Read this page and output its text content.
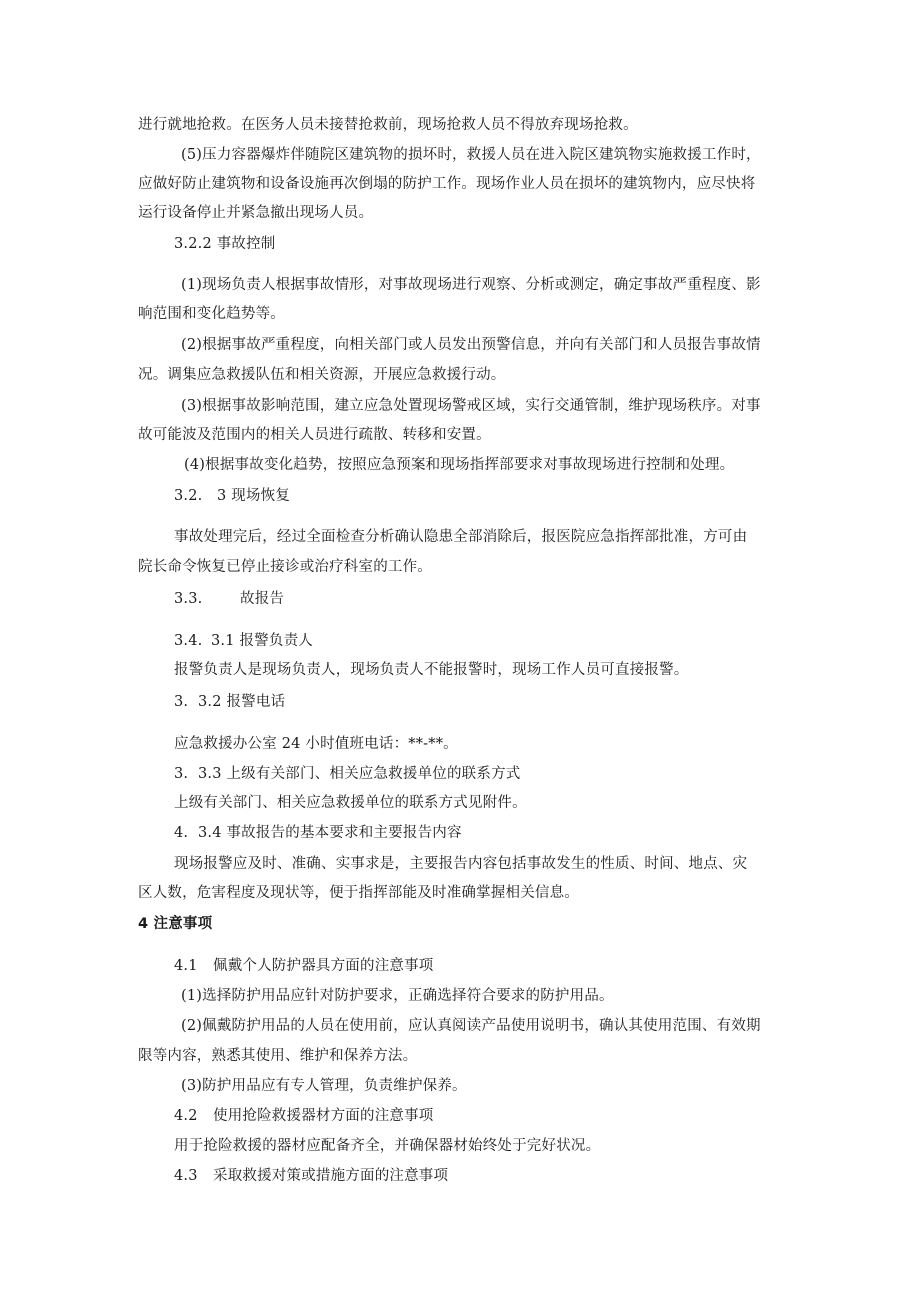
进行就地抢救。在医务人员未接替抢救前，现场抢救人员不得放弃现场抢救。
(5)压力容器爆炸伴随院区建筑物的损坏时，救援人员在进入院区建筑物实施救援工作时，
应做好防止建筑物和设备设施再次倒塌的防护工作。现场作业人员在损坏的建筑物内，应尽快将
运行设备停止并紧急撤出现场人员。
3.2.2 事故控制
(1)现场负责人根据事故情形，对事故现场进行观察、分析或测定，确定事故严重程度、影
响范围和变化趋势等。
(2)根据事故严重程度，向相关部门或人员发出预警信息，并向有关部门和人员报告事故情
况。调集应急救援队伍和相关资源，开展应急救援行动。
(3)根据事故影响范围，建立应急处置现场警戒区域，实行交通管制，维护现场秩序。对事
故可能波及范围内的相关人员进行疏散、转移和安置。
(4)根据事故变化趋势，按照应急预案和现场指挥部要求对事故现场进行控制和处理。
3.2. 3 现场恢复
事故处理完后，经过全面检查分析确认隐患全部消除后，报医院应急指挥部批准，方可由
院长命令恢复已停止接诊或治疗科室的工作。
3.3.	故报告
3.4. 3.1 报警负责人
报警负责人是现场负责人，现场负责人不能报警时，现场工作人员可直接报警。
3. 3.2 报警电话
应急救援办公室 24 小时值班电话：**-**。
3. 3.3 上级有关部门、相关应急救援单位的联系方式
上级有关部门、相关应急救援单位的联系方式见附件。
4. 3.4 事故报告的基本要求和主要报告内容
现场报警应及时、准确、实事求是，主要报告内容包括事故发生的性质、时间、地点、灾
区人数，危害程度及现状等，便于指挥部能及时准确掌握相关信息。
4 注意事项
4.1 佩戴个人防护器具方面的注意事项
(1)选择防护用品应针对防护要求，正确选择符合要求的防护用品。
(2)佩戴防护用品的人员在使用前，应认真阅读产品使用说明书，确认其使用范围、有效期
限等内容，熟悉其使用、维护和保养方法。
(3)防护用品应有专人管理，负责维护保养。
4.2 使用抢险救援器材方面的注意事项
用于抢险救援的器材应配备齐全，并确保器材始终处于完好状况。
4.3 采取救援对策或措施方面的注意事项
